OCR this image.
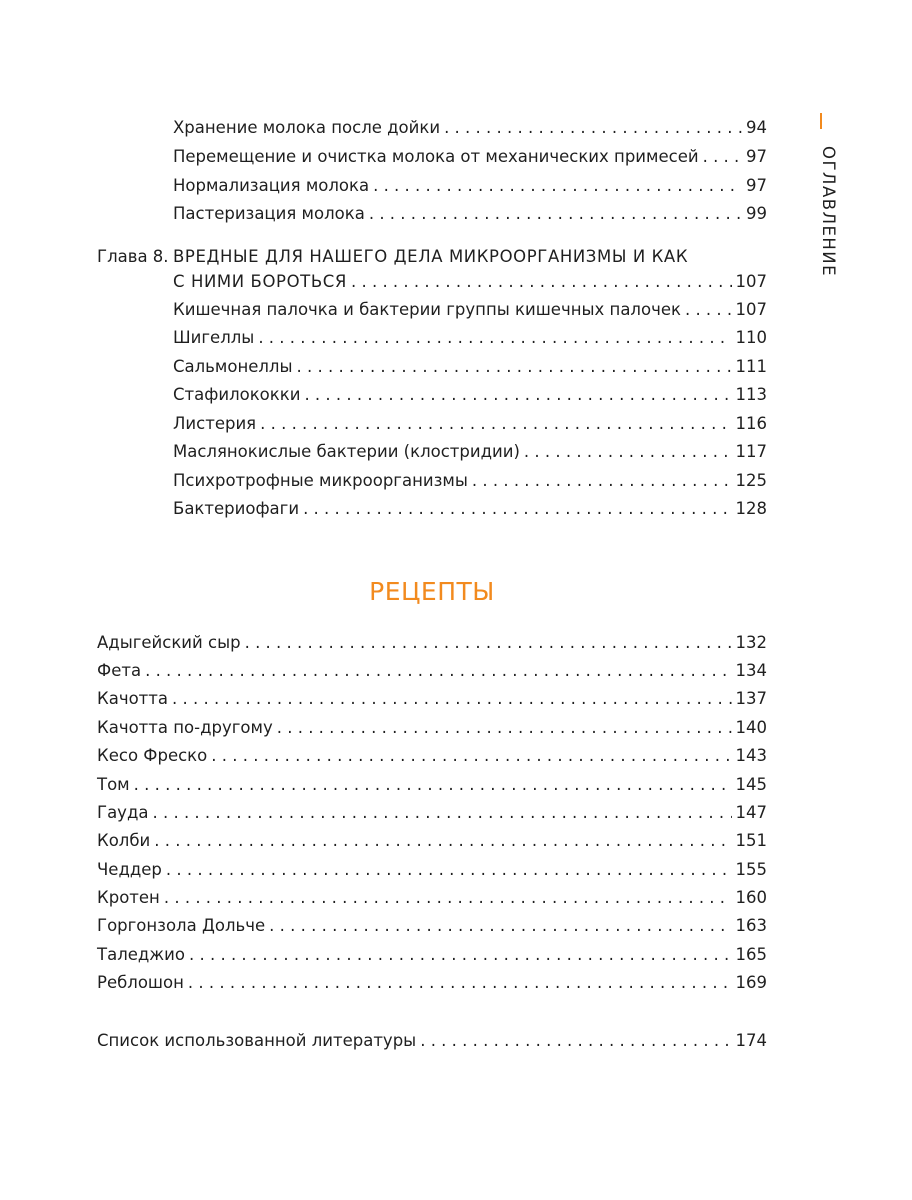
ОГЛАВЛЕНИЕ
Хранение молока после дойки . . .	94
Перемещение и очистка молока от механических примесей . . .	97
Нормализация молока . . .	97
Пастеризация молока . . .	99
Глава 8. ВРЕДНЫЕ ДЛЯ НАШЕГО ДЕЛА МИКРООРГАНИЗМЫ И КАК
С НИМИ БОРОТЬСЯ . . .	107
Кишечная палочка и бактерии группы кишечных палочек . . .	107
Шигеллы . . .	110
Сальмонеллы . . .	111
Стафилококки . . .	113
Листерия . . .	116
Маслянокислые бактерии (клостридии) . . .	117
Психротрофные микроорганизмы . . .	125
Бактериофаги . . .	128
РЕЦЕПТЫ
Адыгейский сыр . . .	132
Фета . . .	134
Качотта . . .	137
Качотта по-другому . . .	140
Кесо Фреско . . .	143
Том . . .	145
Гауда . . .	147
Колби . . .	151
Чеддер . . .	155
Кротен . . .	160
Горгонзола Дольче . . .	163
Таледжио . . .	165
Реблошон . . .	169
Список использованной литературы . . .	174
